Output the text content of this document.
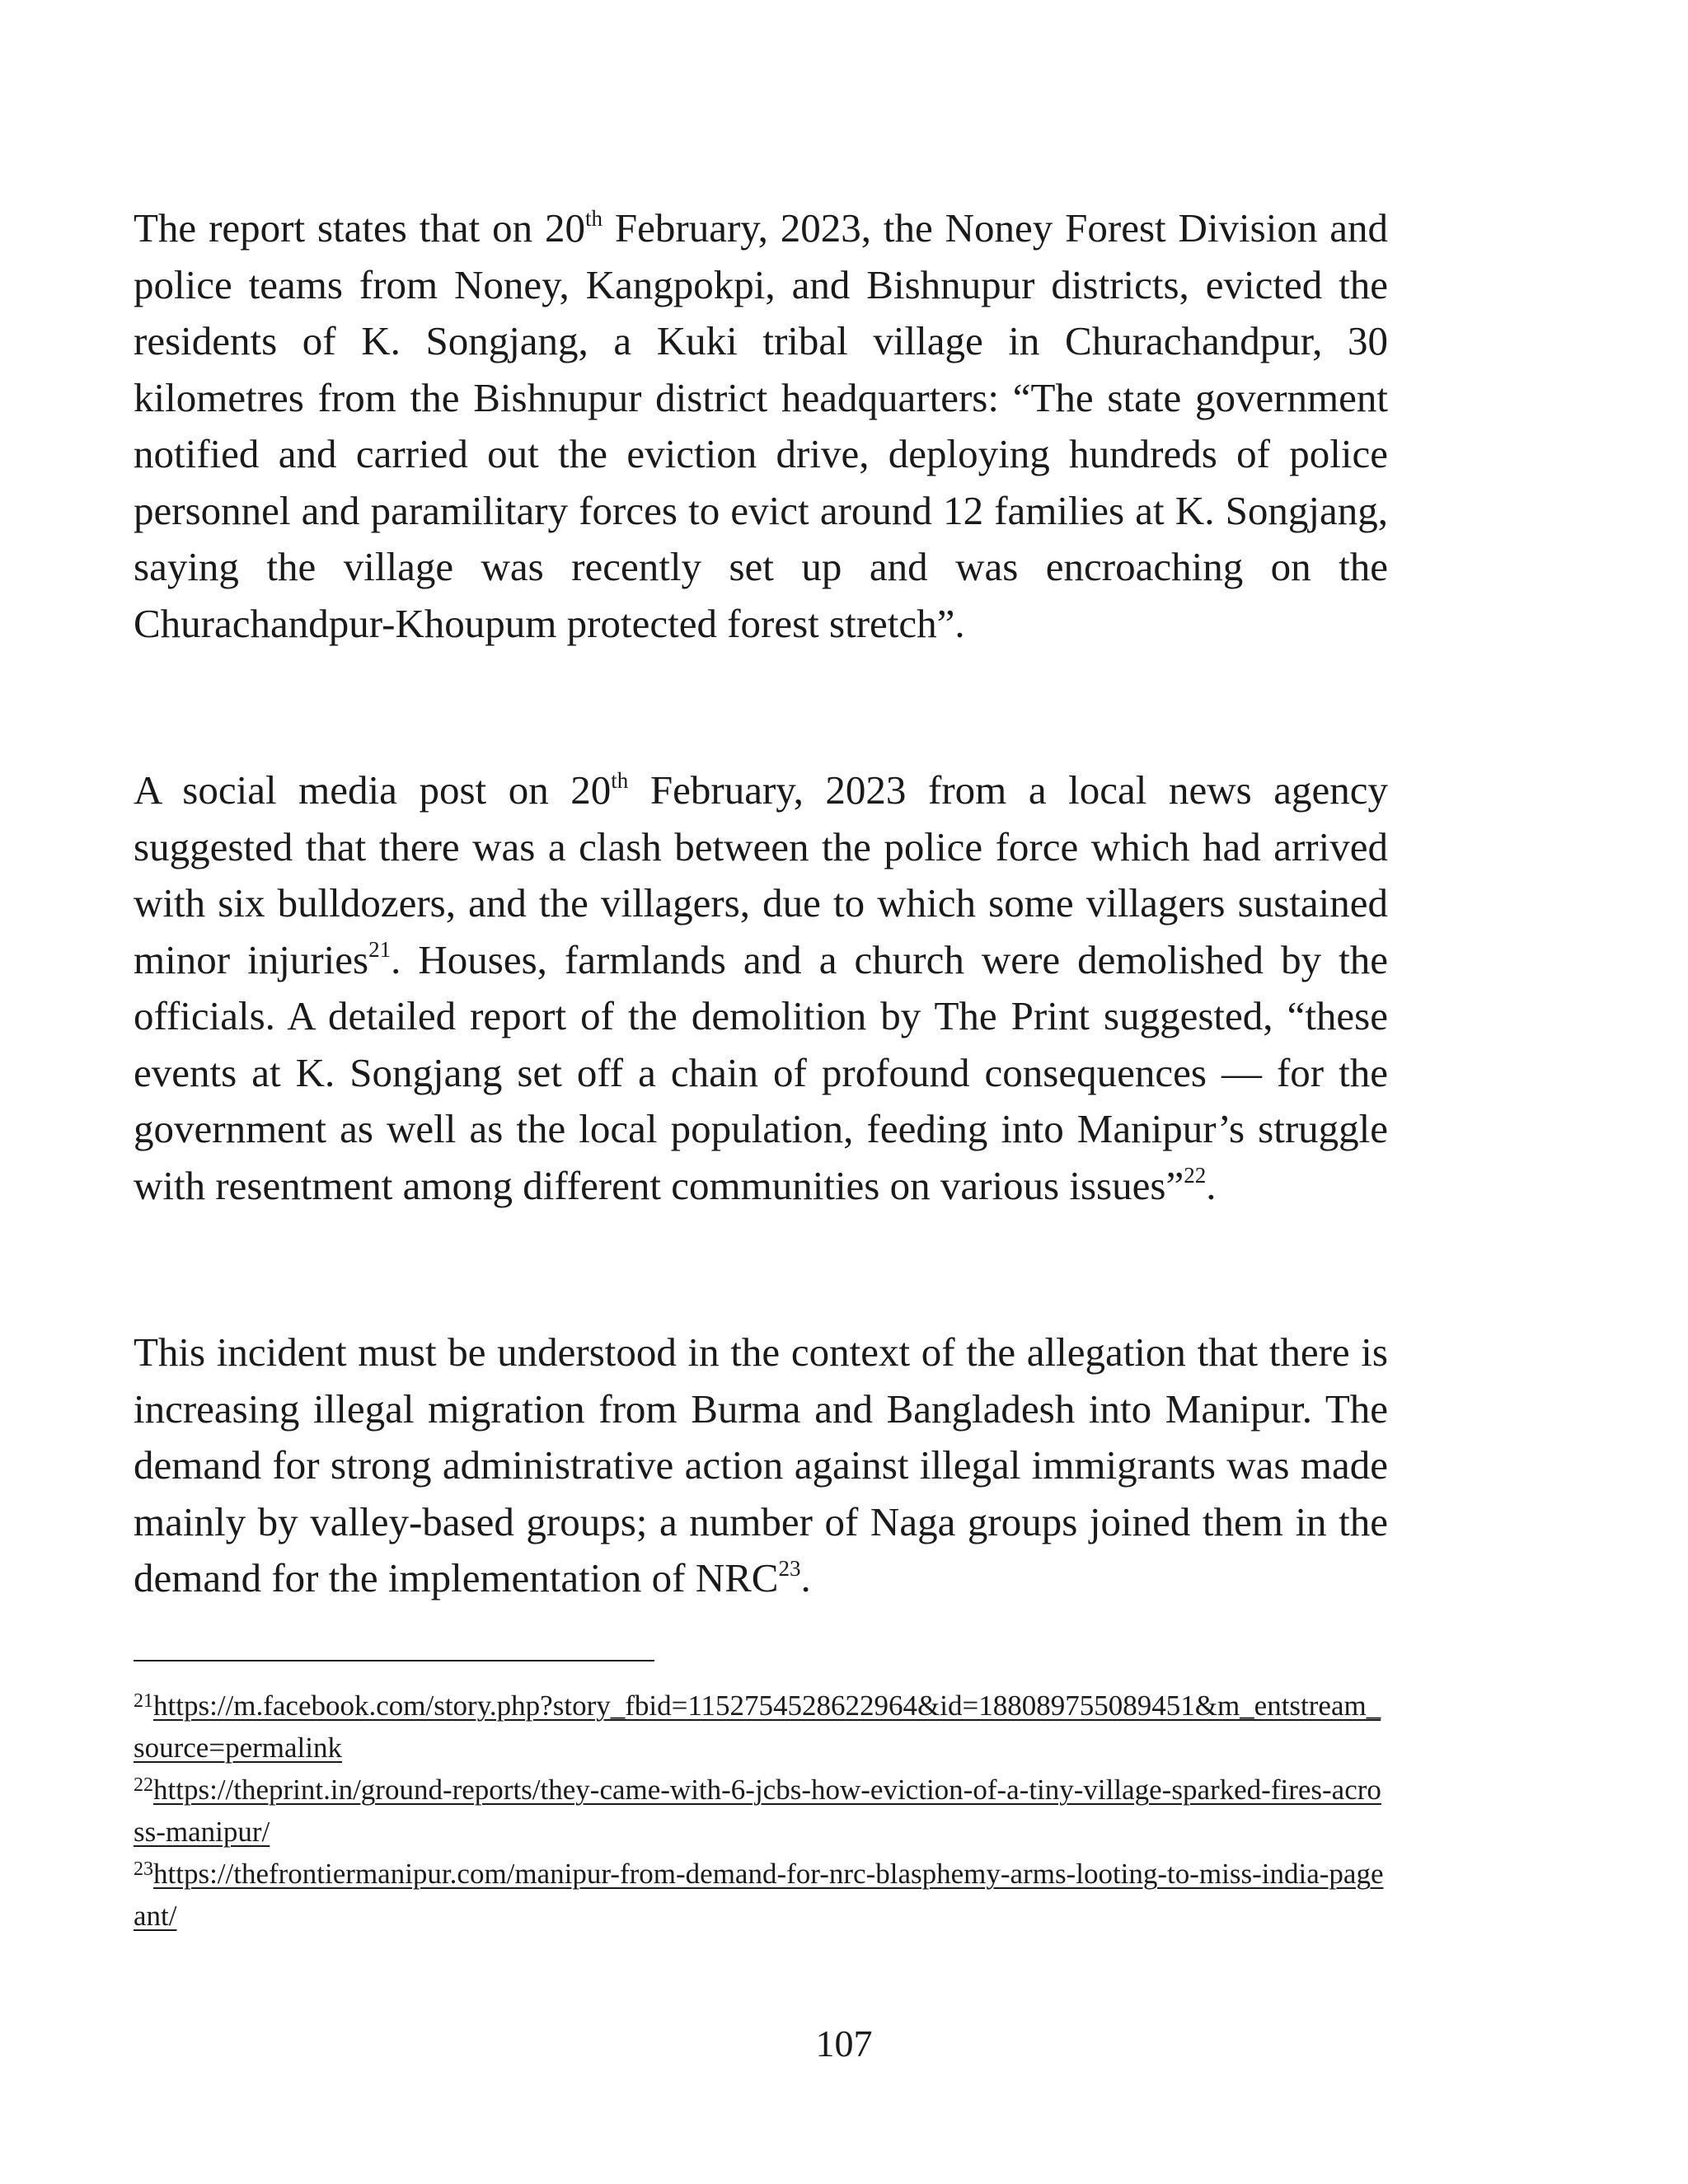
The report states that on 20th February, 2023, the Noney Forest Division and police teams from Noney, Kangpokpi, and Bishnupur districts, evicted the residents of K. Songjang, a Kuki tribal village in Churachandpur, 30 kilometres from the Bishnupur district headquarters: “The state government notified and carried out the eviction drive, deploying hundreds of police personnel and paramilitary forces to evict around 12 families at K. Songjang, saying the village was recently set up and was encroaching on the Churachandpur-Khoupum protected forest stretch”.

A social media post on 20th February, 2023 from a local news agency suggested that there was a clash between the police force which had arrived with six bulldozers, and the villagers, due to which some villagers sustained minor injuries$^{21}$. Houses, farmlands and a church were demolished by the officials. A detailed report of the demolition by The Print suggested, “these events at K. Songjang set off a chain of profound consequences — for the government as well as the local population, feeding into Manipur’s struggle with resentment among different communities on various issues”$^{22}$.

This incident must be understood in the context of the allegation that there is increasing illegal migration from Burma and Bangladesh into Manipur. The demand for strong administrative action against illegal immigrants was made mainly by valley-based groups; a number of Naga groups joined them in the demand for the implementation of NRC$^{23}$.

$^{21}$https://m.facebook.com/story.php?story_fbid=1152754528622964&id=188089755089451&m_entstream_source=permalink

$^{22}$https://theprint.in/ground-reports/they-came-with-6-jcbs-how-eviction-of-a-tiny-village-sparked-fires-across-manipur/

$^{23}$https://thefrontiermanipur.com/manipur-from-demand-for-nrc-blasphemy-arms-looting-to-miss-india-pageant/

107
